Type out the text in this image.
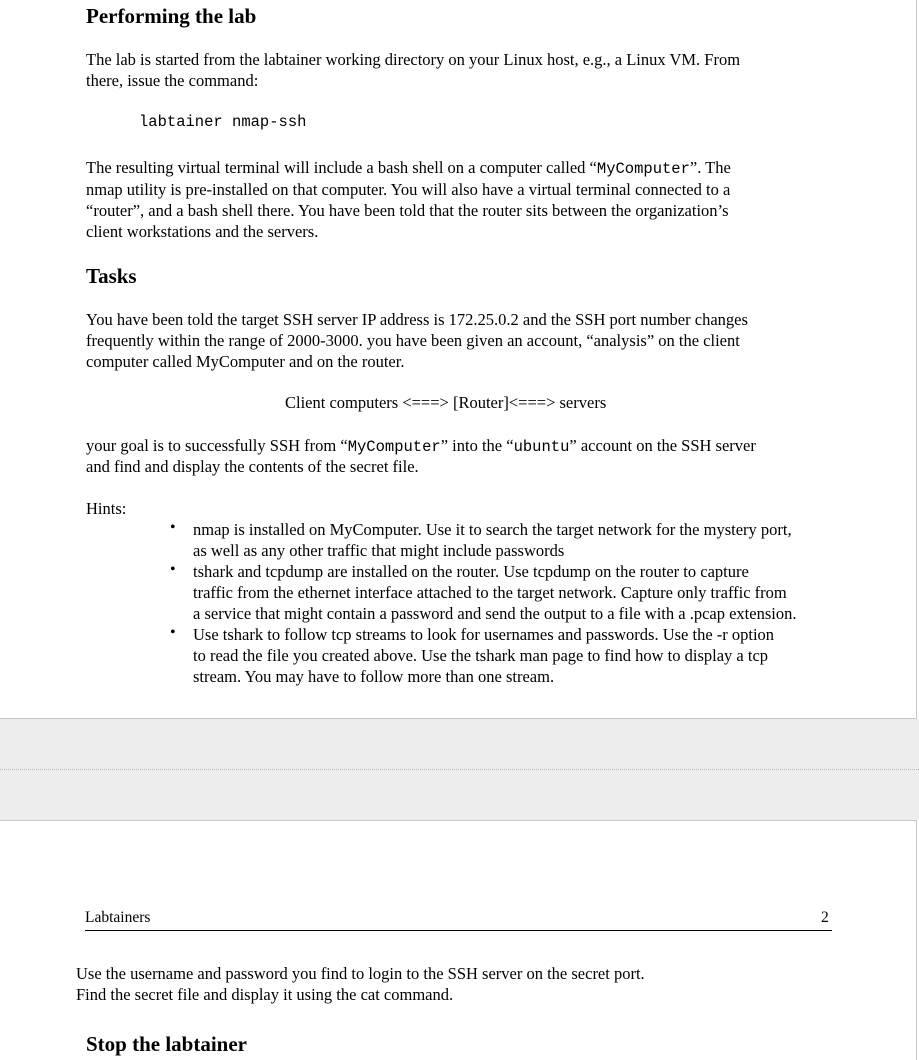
Performing the lab
The lab is started from the labtainer working directory on your Linux host, e.g., a Linux VM. From
there, issue the command:
labtainer nmap-ssh
The resulting virtual terminal will include a bash shell on a computer called “MyComputer”. The
nmap utility is pre-installed on that computer. You will also have a virtual terminal connected to a
“router”, and a bash shell there. You have been told that the router sits between the organization’s
client workstations and the servers.
Tasks
You have been told the target SSH server IP address is 172.25.0.2 and the SSH port number changes
frequently within the range of 2000-3000. you have been given an account, “analysis” on the client
computer called MyComputer and on the router.
Client computers <===> [Router]<===> servers
your goal is to successfully SSH from “MyComputer” into the “ubuntu” account on the SSH server
and find and display the contents of the secret file.
Hints:
• nmap is installed on MyComputer. Use it to search the target network for the mystery port,
as well as any other traffic that might include passwords
• tshark and tcpdump are installed on the router. Use tcpdump on the router to capture
traffic from the ethernet interface attached to the target network. Capture only traffic from
a service that might contain a password and send the output to a file with a .pcap extension.
• Use tshark to follow tcp streams to look for usernames and passwords. Use the -r option
to read the file you created above. Use the tshark man page to find how to display a tcp
stream. You may have to follow more than one stream.
Labtainers	2
Use the username and password you find to login to the SSH server on the secret port.
Find the secret file and display it using the cat command.
Stop the labtainer
